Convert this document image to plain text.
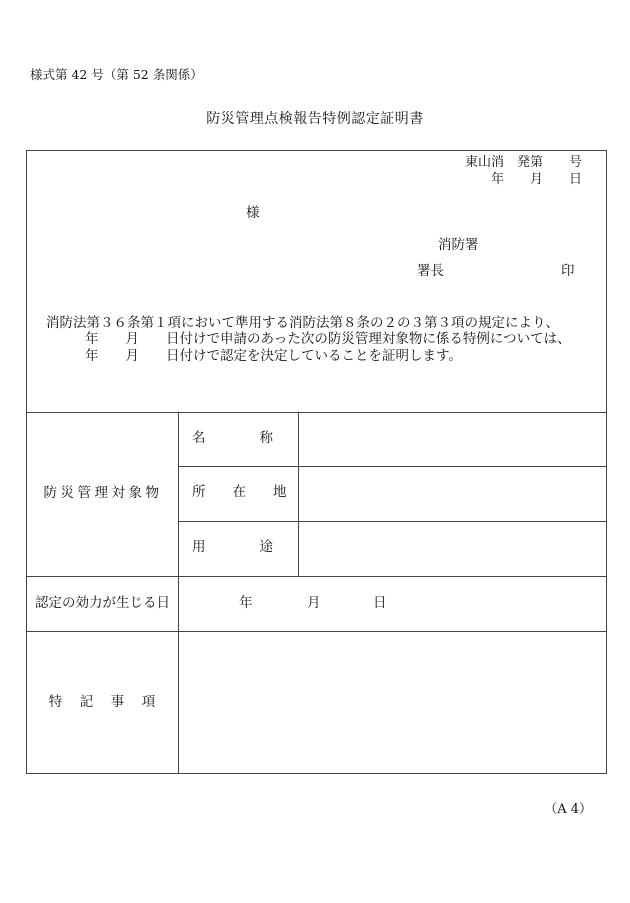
様式第 42 号（第 52 条関係）
防災管理点検報告特例認定証明書
東山消　発第　　号
年　　月　　日
様
消防署
署長	印
消防法第３６条第１項において準用する消防法第８条の２の３第３項の規定により、
年　　月　　日付けで申請のあった次の防災管理対象物に係る特例については、
年　　月　　日付けで認定を決定していることを証明します。
防災管理対象物
名　　　　称
所　　在　　地
用　　　　途
認定の効力が生じる日	年	月	日
特　記　事　項
（A 4）
